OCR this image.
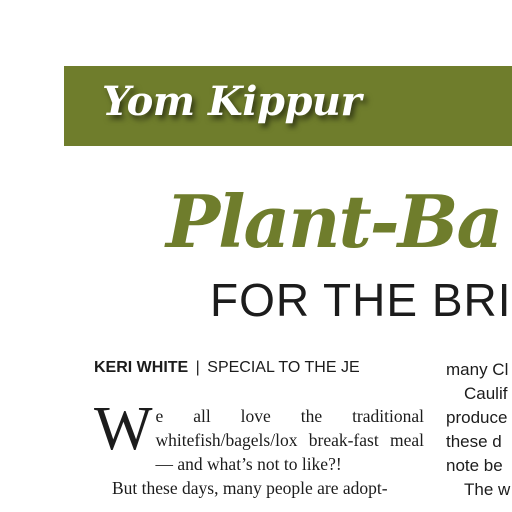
Yom Kippur
Plant-Ba
FOR THE BRI
KERI WHITE | SPECIAL TO THE JE

W e all love the traditional whitefish/bagels/lox break-fast meal — and what’s not to like?!

But these days, many people are adopt-

many Cl
Caulif
produce
these d
note be
The w
